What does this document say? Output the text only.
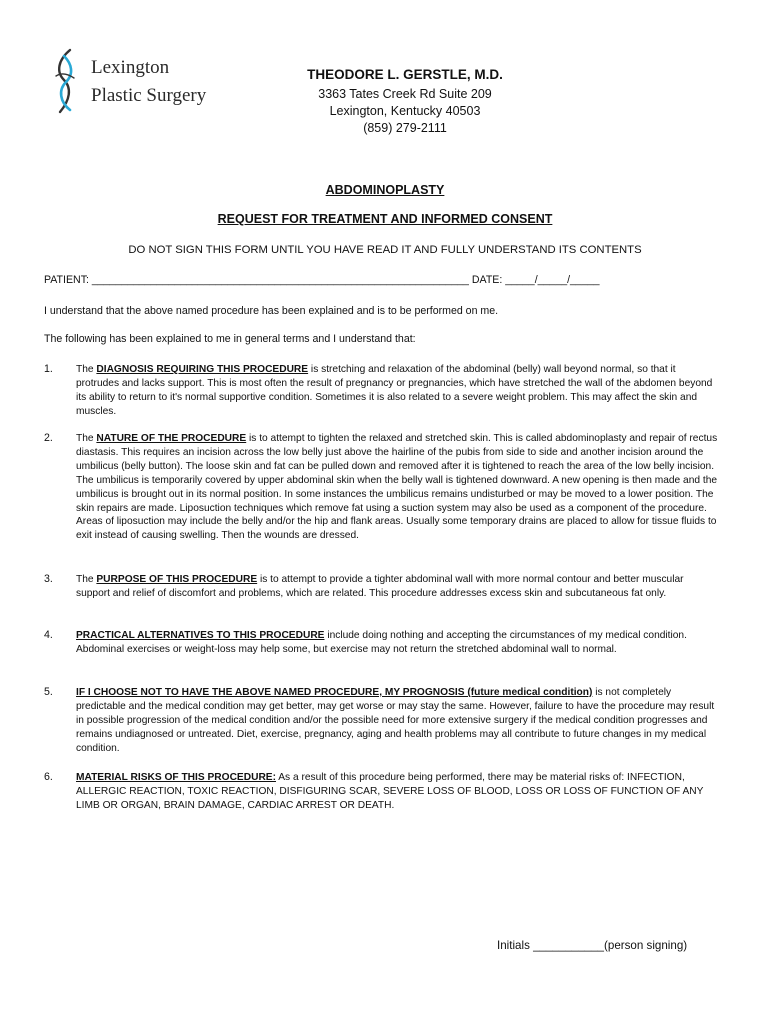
Lexington
Plastic Surgery
THEODORE L. GERSTLE, M.D.
3363 Tates Creek Rd Suite 209
Lexington, Kentucky 40503
(859) 279-2111
ABDOMINOPLASTY
REQUEST FOR TREATMENT AND INFORMED CONSENT
DO NOT SIGN THIS FORM UNTIL YOU HAVE READ IT AND FULLY UNDERSTAND ITS CONTENTS
PATIENT: ________________________________________________________________ DATE: _____/_____/_____
I understand that the above named procedure has been explained and is to be performed on me.
The following has been explained to me in general terms and I understand that:
1. The DIAGNOSIS REQUIRING THIS PROCEDURE is stretching and relaxation of the abdominal (belly) wall beyond normal, so that it protrudes and lacks support. This is most often the result of pregnancy or pregnancies, which have stretched the wall of the abdomen beyond its ability to return to it's normal supportive condition. Sometimes it is also related to a severe weight problem. This may affect the skin and muscles.
2. The NATURE OF THE PROCEDURE is to attempt to tighten the relaxed and stretched skin. This is called abdominoplasty and repair of rectus diastasis. This requires an incision across the low belly just above the hairline of the pubis from side to side and another incision around the umbilicus (belly button). The loose skin and fat can be pulled down and removed after it is tightened to reach the area of the low belly incision. The umbilicus is temporarily covered by upper abdominal skin when the belly wall is tightened downward. A new opening is then made and the umbilicus is brought out in its normal position. In some instances the umbilicus remains undisturbed or may be moved to a lower position. The skin repairs are made. Liposuction techniques which remove fat using a suction system may also be used as a component of the procedure. Areas of liposuction may include the belly and/or the hip and flank areas. Usually some temporary drains are placed to allow for tissue fluids to exit instead of causing swelling. Then the wounds are dressed.
3. The PURPOSE OF THIS PROCEDURE is to attempt to provide a tighter abdominal wall with more normal contour and better muscular support and relief of discomfort and problems, which are related. This procedure addresses excess skin and subcutaneous fat only.
4. PRACTICAL ALTERNATIVES TO THIS PROCEDURE include doing nothing and accepting the circumstances of my medical condition. Abdominal exercises or weight-loss may help some, but exercise may not return the stretched abdominal wall to normal.
5. IF I CHOOSE NOT TO HAVE THE ABOVE NAMED PROCEDURE, MY PROGNOSIS (future medical condition) is not completely predictable and the medical condition may get better, may get worse or may stay the same. However, failure to have the procedure may result in possible progression of the medical condition and/or the possible need for more extensive surgery if the medical condition progresses and remains undiagnosed or untreated. Diet, exercise, pregnancy, aging and health problems may all contribute to future changes in my medical condition.
6. MATERIAL RISKS OF THIS PROCEDURE: As a result of this procedure being performed, there may be material risks of: INFECTION, ALLERGIC REACTION, TOXIC REACTION, DISFIGURING SCAR, SEVERE LOSS OF BLOOD, LOSS OR LOSS OF FUNCTION OF ANY LIMB OR ORGAN, BRAIN DAMAGE, CARDIAC ARREST OR DEATH.
Initials ___________(person signing)
